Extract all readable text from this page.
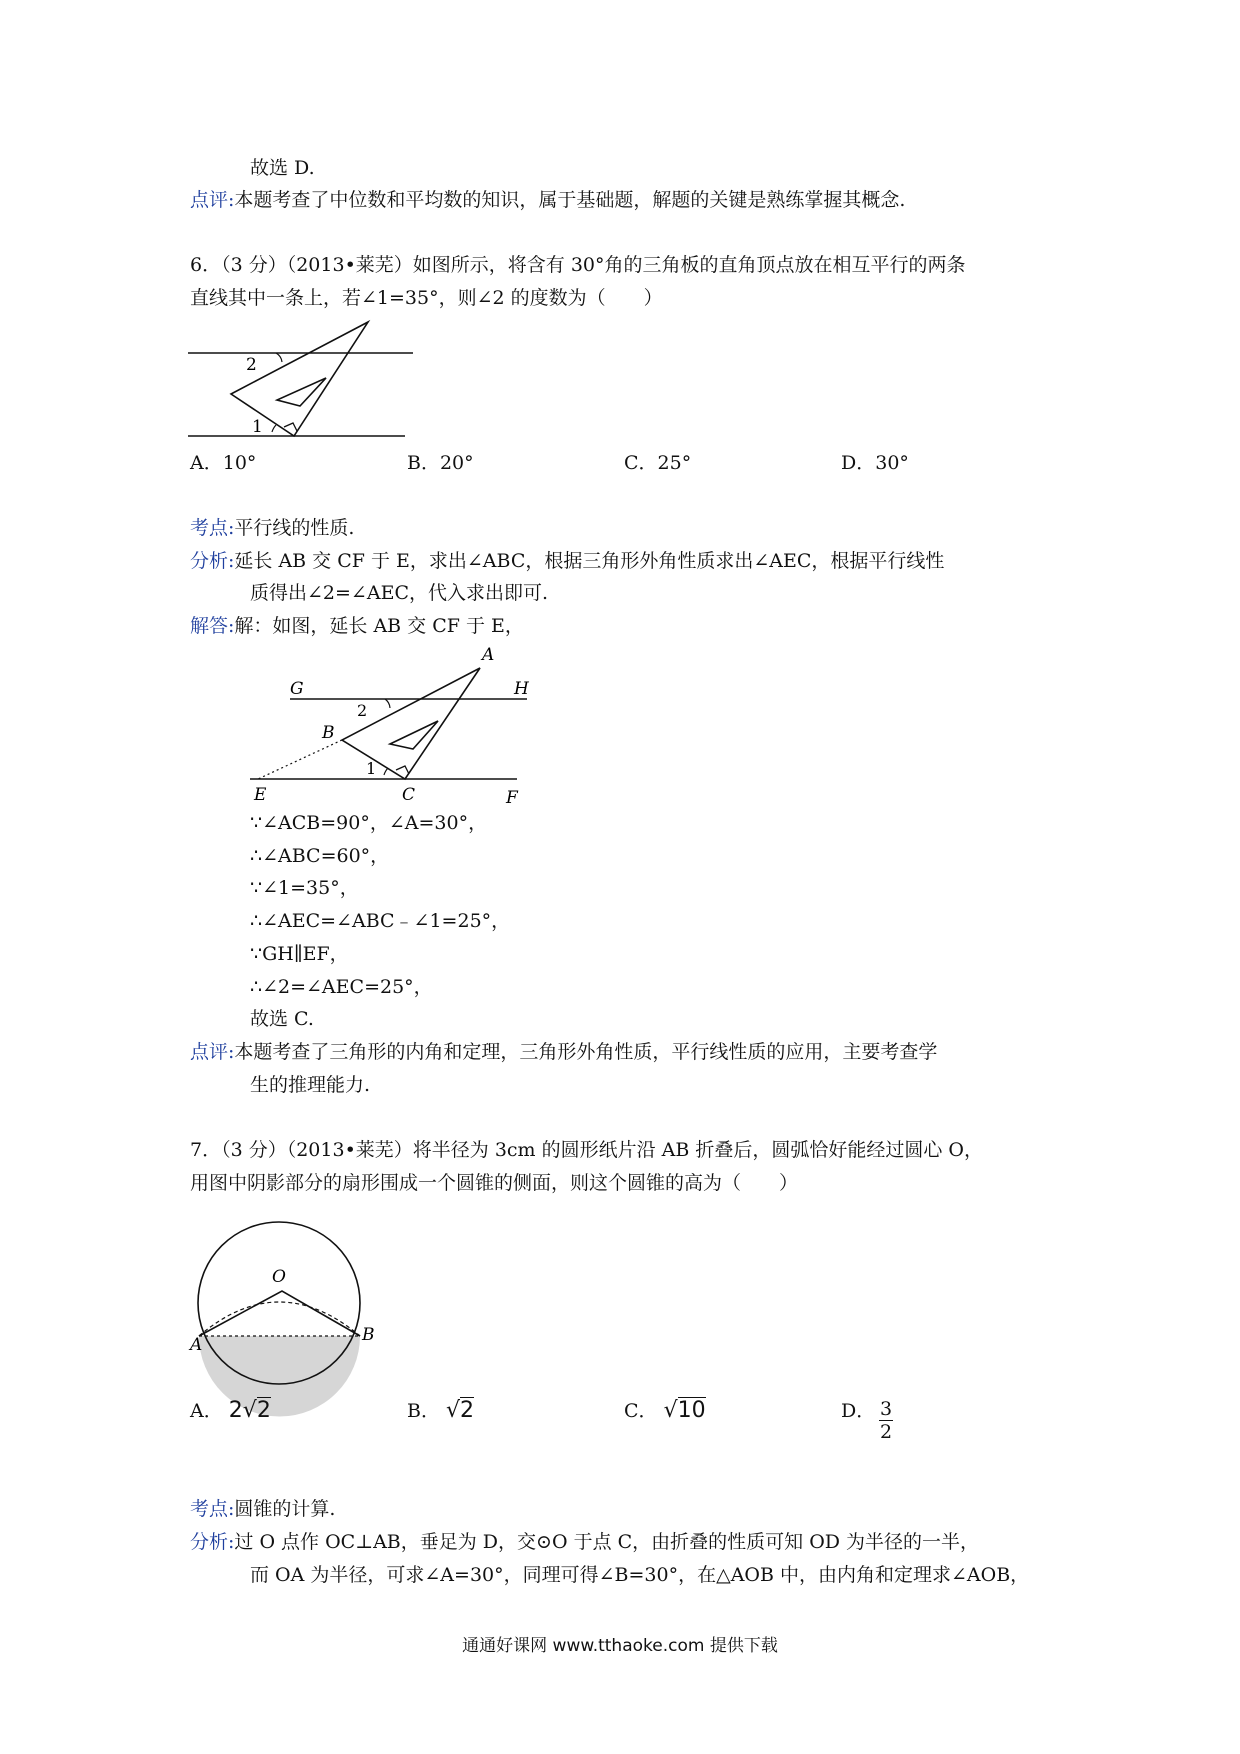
故选 D.
点评:本题考查了中位数和平均数的知识，属于基础题，解题的关键是熟练掌握其概念.
6．（3 分）（2013•莱芜）如图所示，将含有 30°角的三角板的直角顶点放在相互平行的两条
直线其中一条上，若∠1=35°，则∠2 的度数为（　　）
2
1
A．10°	B．20°	C．25°	D．30°
考点:平行线的性质.
分析:延长 AB 交 CF 于 E，求出∠ABC，根据三角形外角性质求出∠AEC，根据平行线性
质得出∠2=∠AEC，代入求出即可.
解答:解：如图，延长 AB 交 CF 于 E，
A
G	H
B
2
1
E	C	F
∵∠ACB=90°，∠A=30°，
∴∠ABC=60°，
∵∠1=35°，
∴∠AEC=∠ABC﹣∠1=25°，
∵GH∥EF，
∴∠2=∠AEC=25°，
故选 C.
点评:本题考查了三角形的内角和定理，三角形外角性质，平行线性质的应用，主要考查学
生的推理能力.
7．（3 分）（2013•莱芜）将半径为 3cm 的圆形纸片沿 AB 折叠后，圆弧恰好能经过圆心 O，
用图中阴影部分的扇形围成一个圆锥的侧面，则这个圆锥的高为（　　）
O
A	B
A． 2√2	B． √2	C． √10	D． 3
2
考点:圆锥的计算.
分析:过 O 点作 OC⊥AB，垂足为 D，交⊙O 于点 C，由折叠的性质可知 OD 为半径的一半，
而 OA 为半径，可求∠A=30°，同理可得∠B=30°，在△AOB 中，由内角和定理求∠AOB，
通通好课网 www.tthaoke.com 提供下载
